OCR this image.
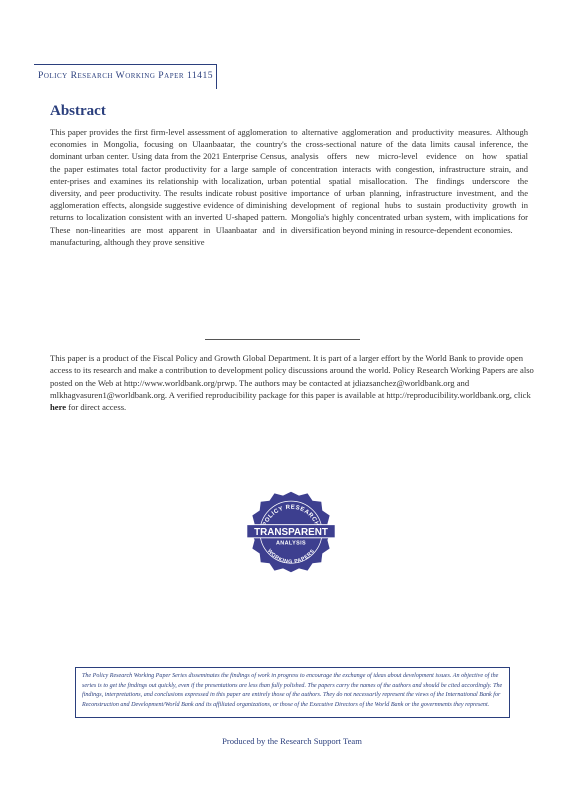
Policy Research Working Paper 11415
Abstract
This paper provides the first firm-level assessment of agglomeration economies in Mongolia, focusing on Ulaanbaatar, the country's dominant urban center. Using data from the 2021 Enterprise Census, the paper estimates total factor productivity for a large sample of enter-prises and examines its relationship with localization, urban diversity, and peer productivity. The results indicate robust positive agglomeration effects, alongside suggestive evidence of diminishing returns to localization consistent with an inverted U-shaped pattern. These non-linearities are most apparent in Ulaanbaatar and in manufacturing, although they prove sensitive
to alternative agglomeration and productivity measures. Although the cross-sectional nature of the data limits causal inference, the analysis offers new micro-level evidence on how spatial concentration interacts with congestion, infrastructure strain, and potential spatial misallocation. The findings underscore the importance of urban planning, infrastructure investment, and the development of regional hubs to sustain productivity growth in Mongolia's highly concentrated urban system, with implications for diversification beyond mining in resource-dependent economies.
This paper is a product of the Fiscal Policy and Growth Global Department. It is part of a larger effort by the World Bank to provide open access to its research and make a contribution to development policy discussions around the world. Policy Research Working Papers are also posted on the Web at http://www.worldbank.org/prwp. The authors may be contacted at jdiazsanchez@worldbank.org and mlkhagvasuren1@worldbank.org. A verified reproducibility package for this paper is available at http://reproducibility.worldbank.org, click here for direct access.
OLICY RESEARC
TRANSPARENT
ANALYSIS
WORKING PAPERS
The Policy Research Working Paper Series disseminates the findings of work in progress to encourage the exchange of ideas about development issues. An objective of the series is to get the findings out quickly, even if the presentations are less than fully polished. The papers carry the names of the authors and should be cited accordingly. The findings, interpretations, and conclusions expressed in this paper are entirely those of the authors. They do not necessarily represent the views of the International Bank for Reconstruction and Development/World Bank and its affiliated organizations, or those of the Executive Directors of the World Bank or the governments they represent.
Produced by the Research Support Team
